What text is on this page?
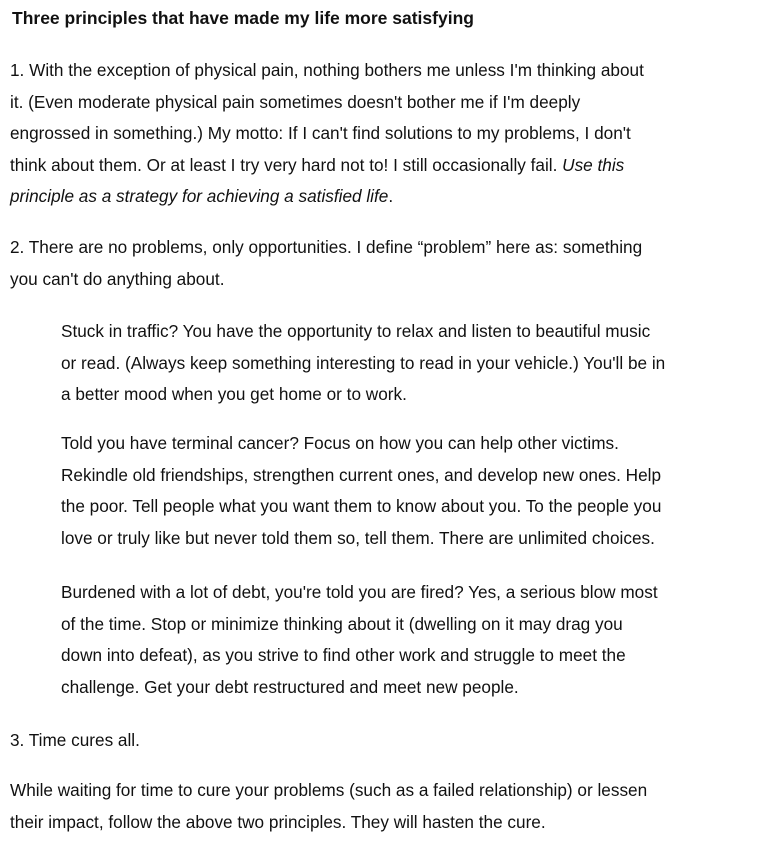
Three principles that have made my life more satisfying

1. With the exception of physical pain, nothing bothers me unless I'm thinking about
it. (Even moderate physical pain sometimes doesn't bother me if I'm deeply
engrossed in something.) My motto: If I can't find solutions to my problems, I don't
think about them. Or at least I try very hard not to! I still occasionally fail. Use this
principle as a strategy for achieving a satisfied life.

2. There are no problems, only opportunities. I define “problem” here as: something
you can't do anything about.

Stuck in traffic? You have the opportunity to relax and listen to beautiful music
or read. (Always keep something interesting to read in your vehicle.) You'll be in
a better mood when you get home or to work.

Told you have terminal cancer? Focus on how you can help other victims.
Rekindle old friendships, strengthen current ones, and develop new ones. Help
the poor. Tell people what you want them to know about you. To the people you
love or truly like but never told them so, tell them. There are unlimited choices.

Burdened with a lot of debt, you're told you are fired? Yes, a serious blow most
of the time. Stop or minimize thinking about it (dwelling on it may drag you
down into defeat), as you strive to find other work and struggle to meet the
challenge. Get your debt restructured and meet new people.

3. Time cures all.

While waiting for time to cure your problems (such as a failed relationship) or lessen
their impact, follow the above two principles. They will hasten the cure.
